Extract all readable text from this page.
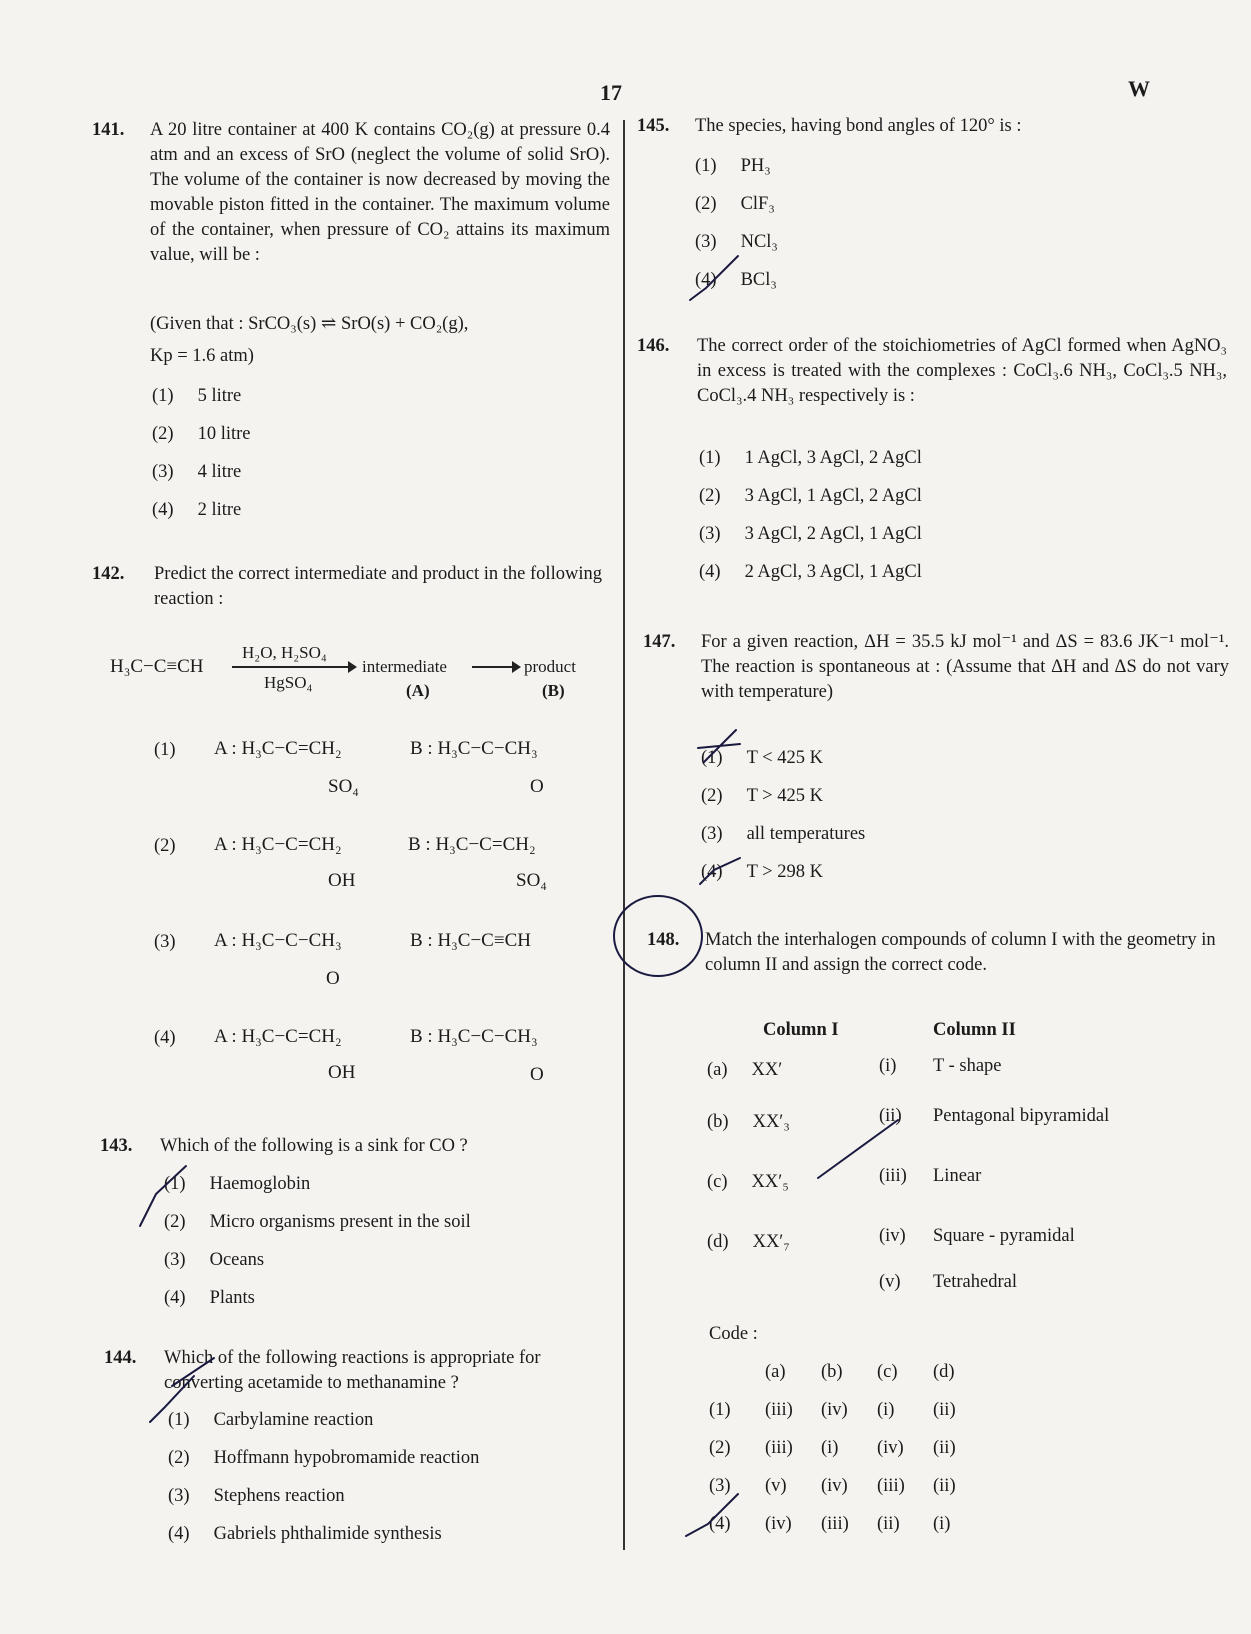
17	W
141. A 20 litre container at 400 K contains CO₂(g) at pressure 0.4 atm and an excess of SrO (neglect the volume of solid SrO). The volume of the container is now decreased by moving the movable piston fitted in the container. The maximum volume of the container, when pressure of CO₂ attains its maximum value, will be :
(Given that : SrCO₃(s) ⇌ SrO(s) + CO₂(g),
Kp = 1.6 atm)
(1) 5 litre
(2) 10 litre
(3) 4 litre
(4) 2 litre
142. Predict the correct intermediate and product in the following reaction :
H₃C−C≡CH
H₂O, H₂SO₄
HgSO₄
intermediate
(A)
product
(B)
(1) A : H₃C−C=CH₂
SO₄
B : H₃C−C−CH₃
O
(2) A : H₃C−C=CH₂
OH
B : H₃C−C=CH₂
SO₄
(3) A : H₃C−C−CH₃
O
B : H₃C−C≡CH
(4) A : H₃C−C=CH₂
OH
B : H₃C−C−CH₃
O
143. Which of the following is a sink for CO ?
(1) Haemoglobin
(2) Micro organisms present in the soil
(3) Oceans
(4) Plants
144. Which of the following reactions is appropriate for converting acetamide to methanamine ?
(1) Carbylamine reaction
(2) Hoffmann hypobromamide reaction
(3) Stephens reaction
(4) Gabriels phthalimide synthesis
145. The species, having bond angles of 120° is :
(1) PH₃
(2) ClF₃
(3) NCl₃
(4) BCl₃
146. The correct order of the stoichiometries of AgCl formed when AgNO₃ in excess is treated with the complexes : CoCl₃.6 NH₃, CoCl₃.5 NH₃, CoCl₃.4 NH₃ respectively is :
(1) 1 AgCl, 3 AgCl, 2 AgCl
(2) 3 AgCl, 1 AgCl, 2 AgCl
(3) 3 AgCl, 2 AgCl, 1 AgCl
(4) 2 AgCl, 3 AgCl, 1 AgCl
147. For a given reaction, ΔH = 35.5 kJ mol⁻¹ and ΔS = 83.6 JK⁻¹ mol⁻¹. The reaction is spontaneous at : (Assume that ΔH and ΔS do not vary with temperature)
(1) T < 425 K
(2) T > 425 K
(3) all temperatures
(4) T > 298 K
148. Match the interhalogen compounds of column I with the geometry in column II and assign the correct code.
Column I	Column II
(a) XX′
(b) XX′₃
(c) XX′₅
(d) XX′₇
(i) T - shape
(ii) Pentagonal bipyramidal
(iii) Linear
(iv) Square - pyramidal
(v) Tetrahedral
Code :
(a) (b) (c) (d)
(1) (iii) (iv) (i) (ii)
(2) (iii) (i) (iv) (ii)
(3) (v) (iv) (iii) (ii)
(4) (iv) (iii) (ii) (i)
